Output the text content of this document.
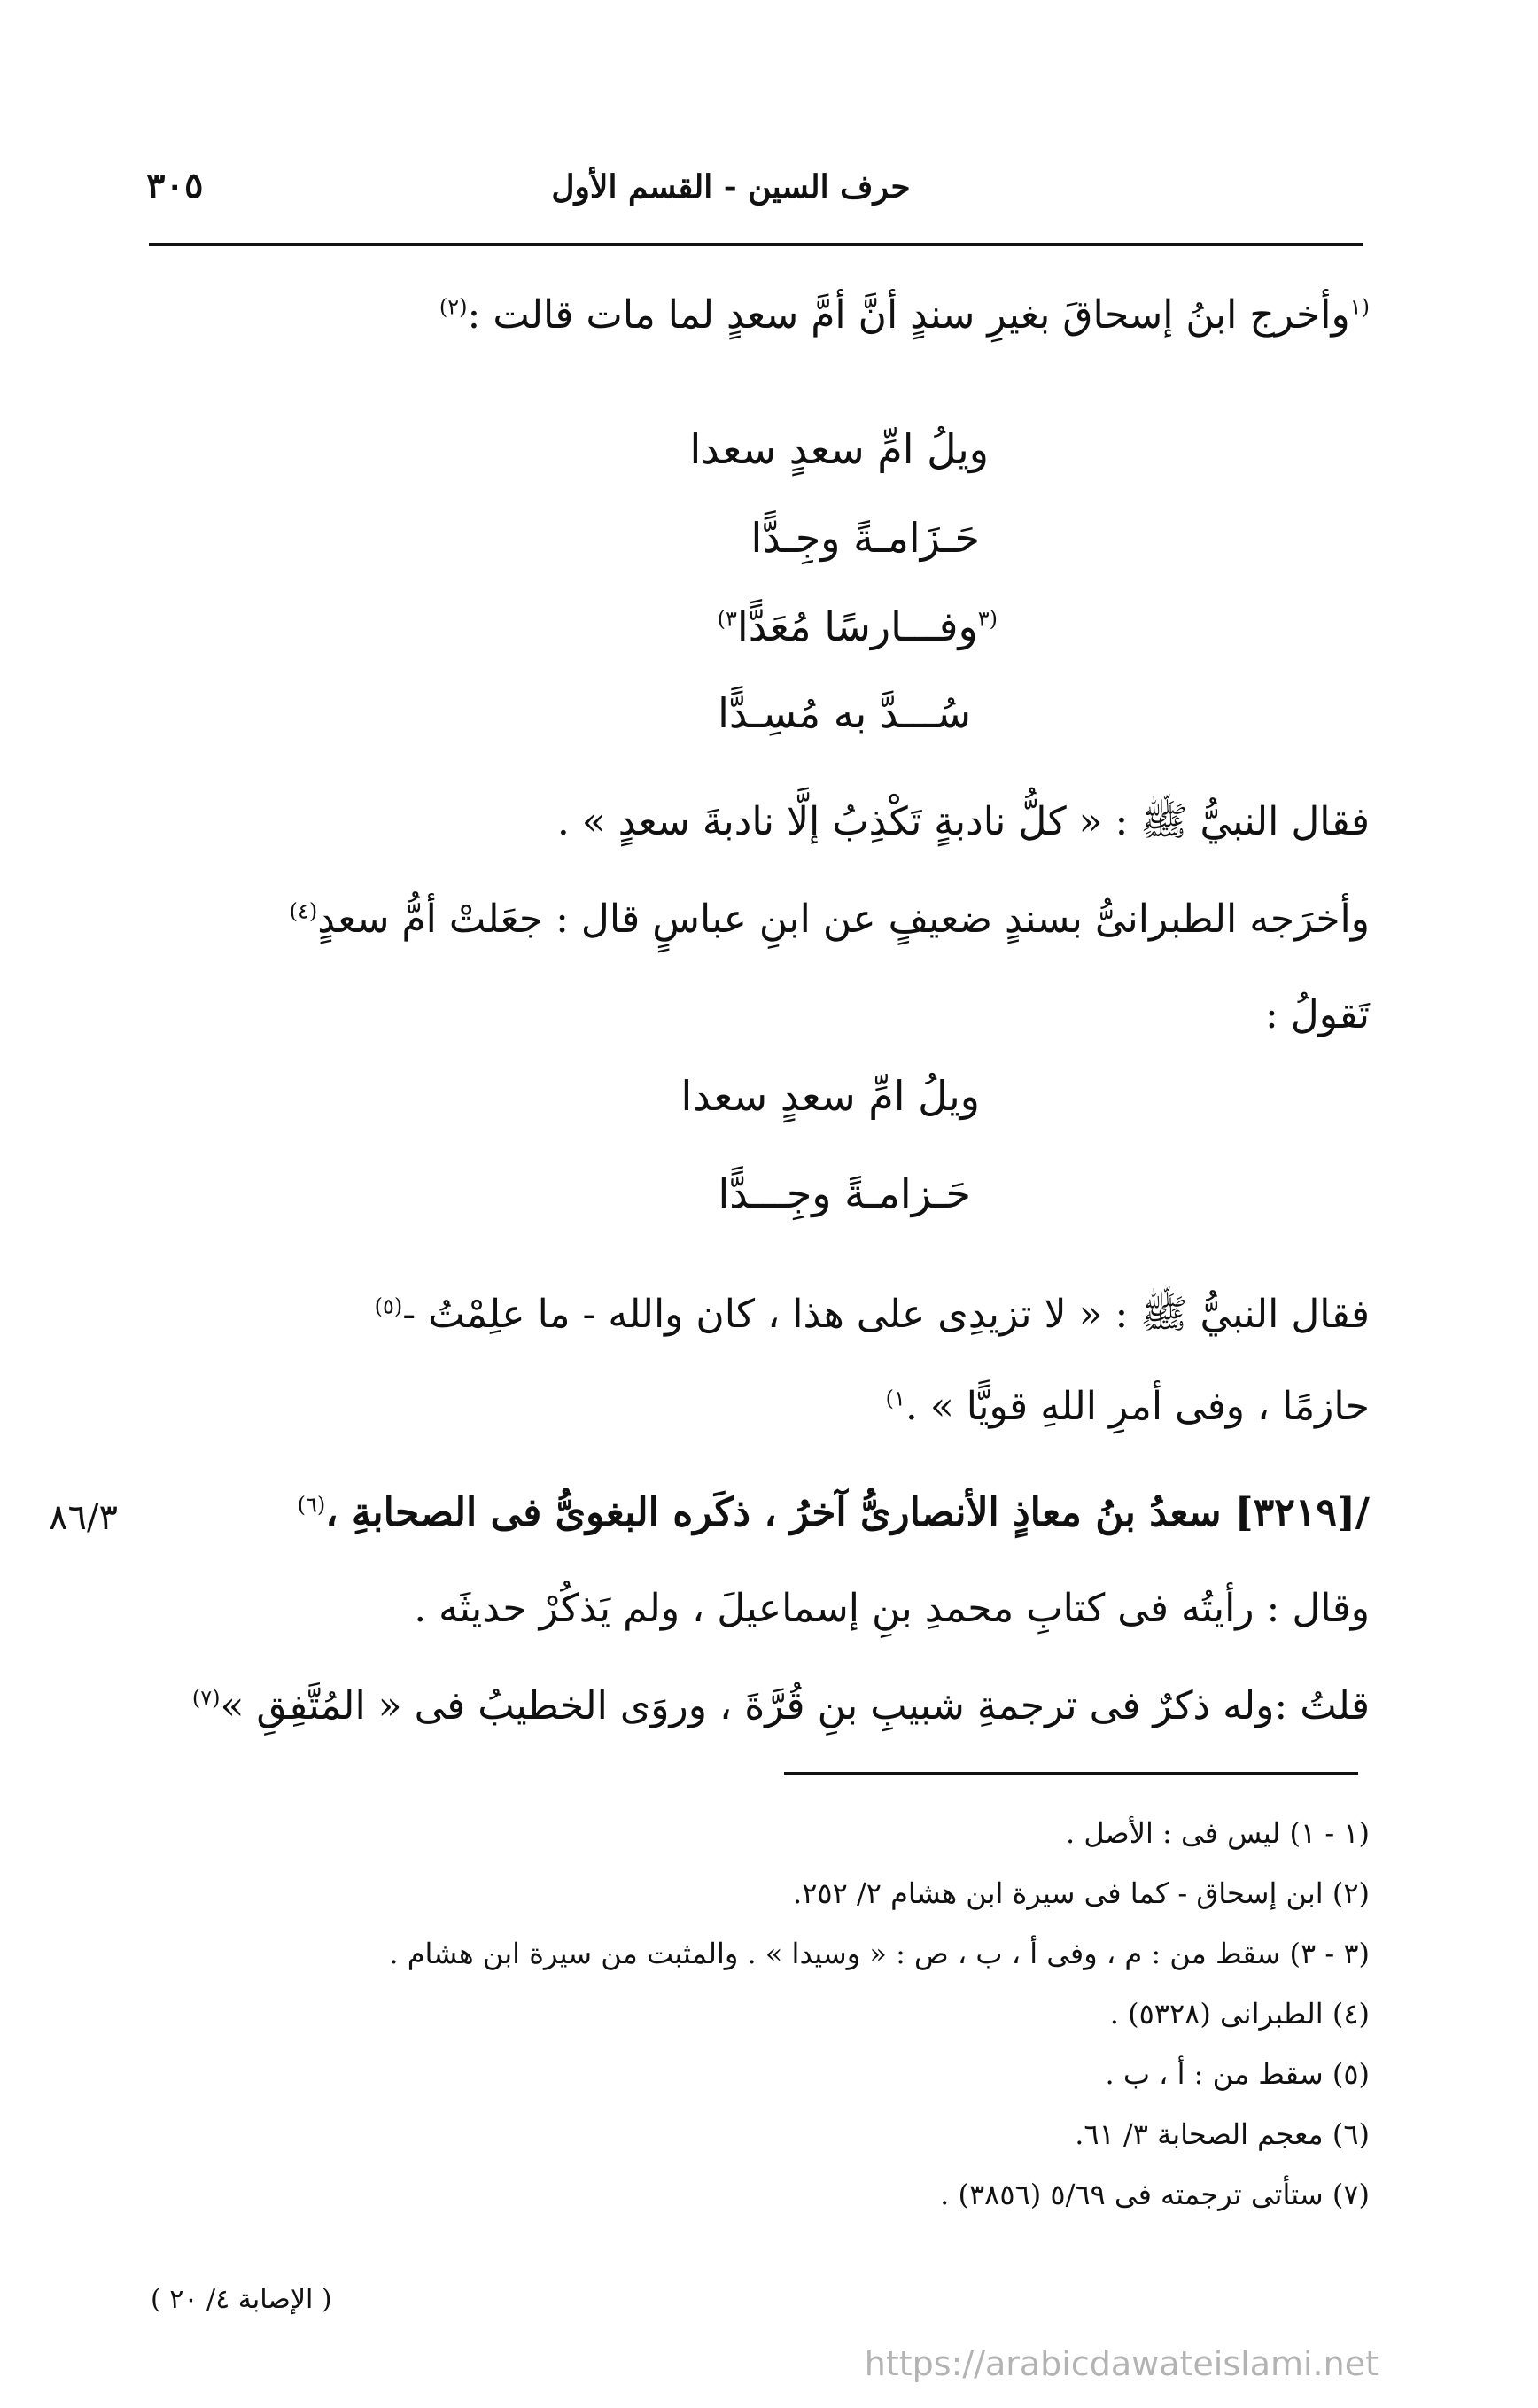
حرف السين - القسم الأول
٣٠٥
$^{(١}$وأخرج ابنُ إسحاقَ بغيرِ سندٍ أنَّ أمَّ سعدٍ لما مات قالت :$^{(٢)}$
ويلُ امِّ سعدٍ سعدا
حَـزَامـةً وجِـدًّا
$^{(٣}$وفـــارسًا مُعَدًّا$^{٣)}$
سُـــدَّ به مُسِـدًّا
فقال النبيُّ ﷺ : « كلُّ نادبةٍ تَكْذِبُ إلَّا نادبةَ سعدٍ » .
وأخرَجه الطبرانىُّ بسندٍ ضعيفٍ عن ابنِ عباسٍ قال : جعَلتْ أمُّ سعدٍ$^{(٤)}$
تَقولُ :
ويلُ امِّ سعدٍ سعدا
حَـزامـةً وجِـــدًّا
فقال النبيُّ ﷺ : « لا تزيدِى على هذا ، كان والله - ما علِمْتُ -$^{(٥)}$
حازمًا ، وفى أمرِ اللهِ قويًّا » .$^{١)}$
/[٣٢١٩] سعدُ بنُ معاذٍ الأنصارىُّ آخرُ ، ذكَره البغوىُّ فى الصحابةِ ،$^{(٦)}$
٨٦/٣
وقال : رأيتُه فى كتابِ محمدِ بنِ إسماعيلَ ، ولم يَذكُرْ حديثَه .
قلتُ :وله ذكرٌ فى ترجمةِ شبيبِ بنِ قُرَّةَ ، وروَى الخطيبُ فى « المُتَّفِقِ »$^{(٧)}$
(١ - ١) ليس فى : الأصل .
(٢) ابن إسحاق - كما فى سيرة ابن هشام ٢/ ٢٥٢.
(٣ - ٣) سقط من : م ، وفى أ ، ب ، ص : « وسيدا » . والمثبت من سيرة ابن هشام .
(٤) الطبرانى (٥٣٢٨) .
(٥) سقط من : أ ، ب .
(٦) معجم الصحابة ٣/ ٦١.
(٧) ستأتى ترجمته فى ٥/٦٩ (٣٨٥٦) .
( الإصابة ٤/ ٢٠ )
https://arabicdawateislami.net
